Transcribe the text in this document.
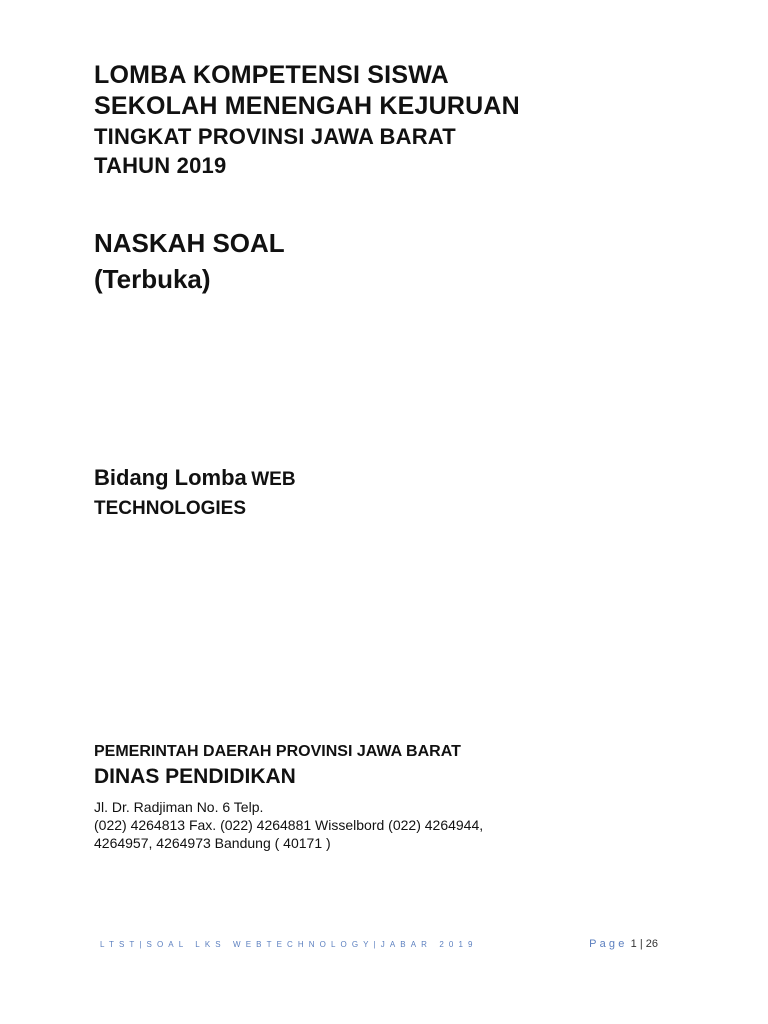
LOMBA KOMPETENSI SISWA

SEKOLAH MENENGAH KEJURUAN

TINGKAT PROVINSI JAWA BARAT

TAHUN 2019

NASKAH SOAL

(Terbuka)

Bidang Lomba WEB

TECHNOLOGIES

PEMERINTAH DAERAH PROVINSI JAWA BARAT

DINAS PENDIDIKAN

Jl. Dr. Radjiman No. 6 Telp.
(022) 4264813 Fax. (022) 4264881 Wisselbord (022) 4264944,
4264957, 4264973 Bandung ( 40171 )
LTST|SOAL LKS WEBTECHNOLOGY|JABAR 2019	Page 1 | 26
